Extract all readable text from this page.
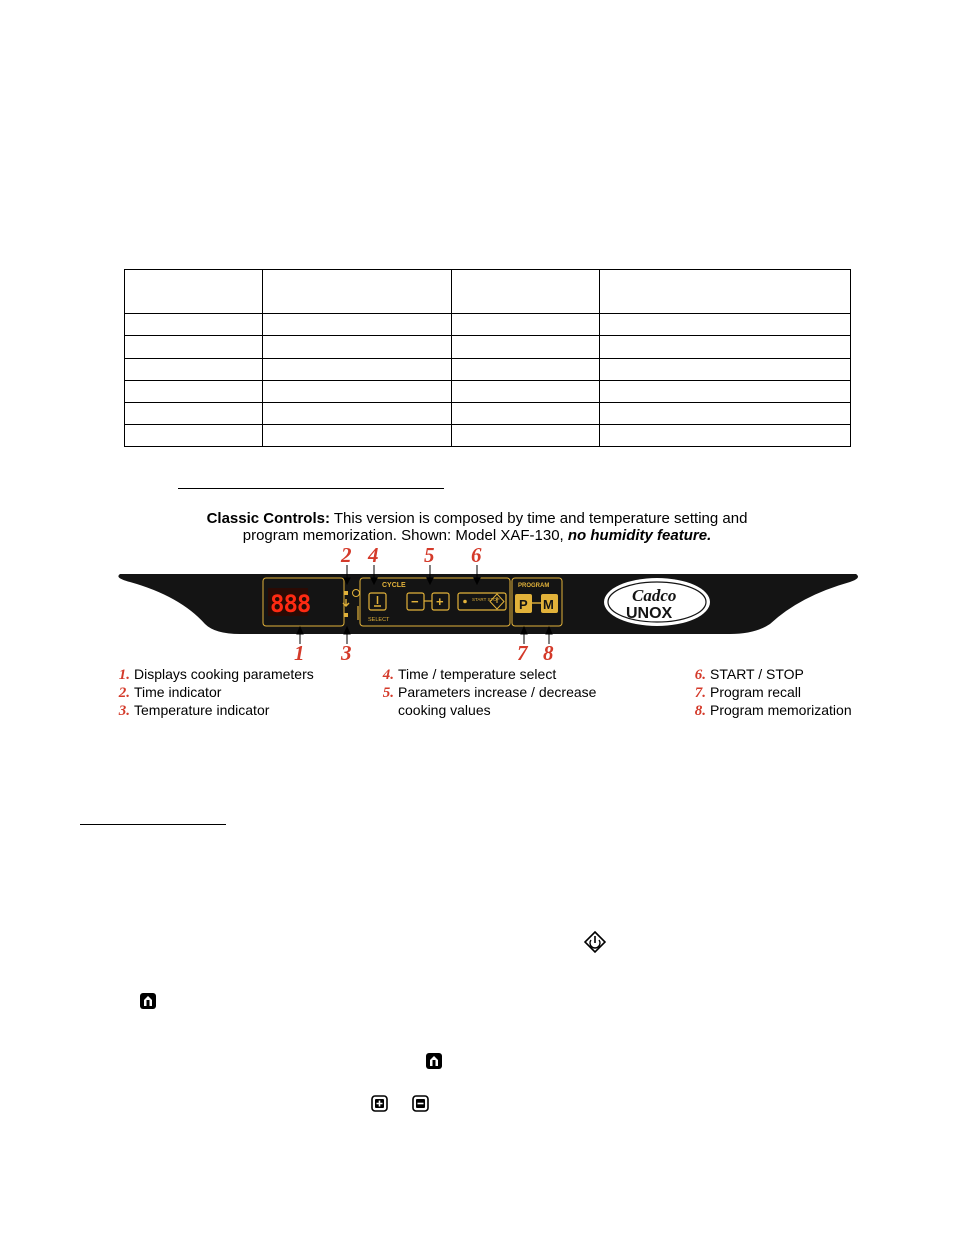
Classic Controls: This version is composed by time and temperature setting and
program memorization. Shown: Model XAF-130, no humidity feature.
888
CYCLE
SELECT
− +	START STOP
PROGRAM
P M	Cadco
UNOX
2 4 5 6
1 3	7 8
1. Displays cooking parameters
2. Time indicator
3. Temperature indicator
4. Time / temperature select
5. Parameters increase / decrease
cooking values
6. START / STOP
7. Program recall
8. Program memorization
